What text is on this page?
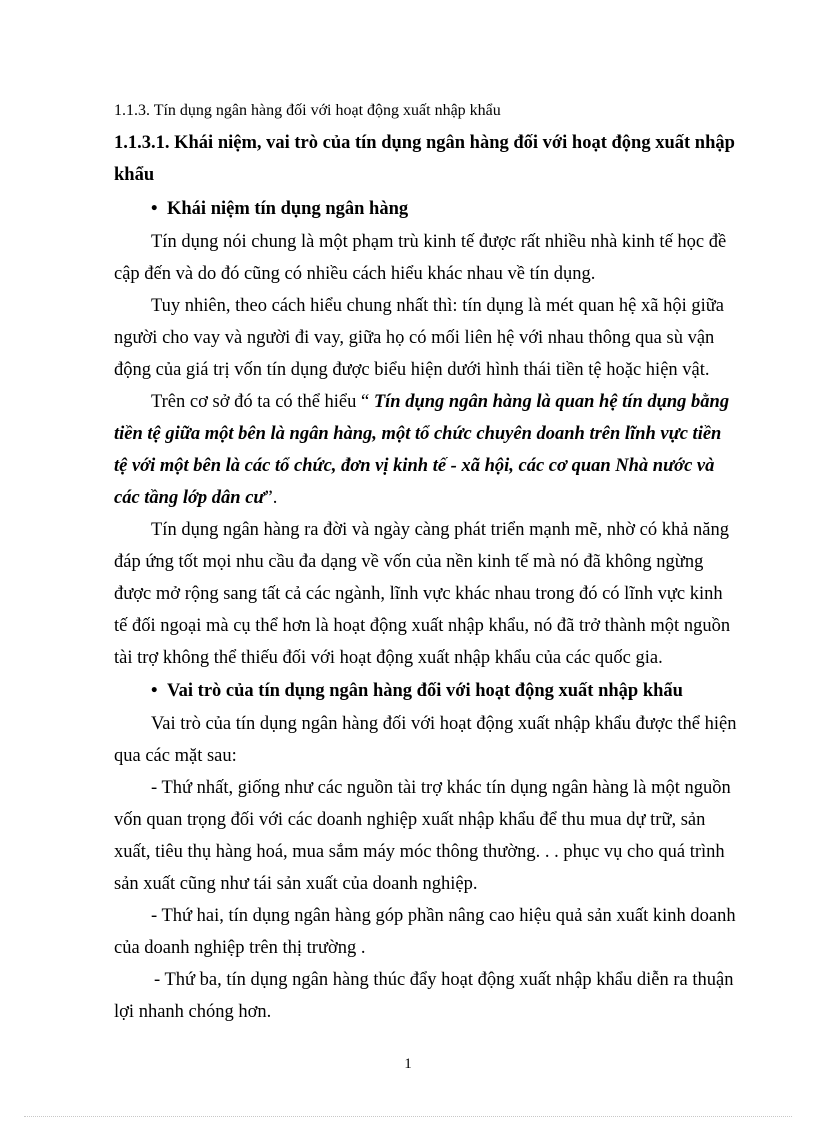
1.1.3. Tín dụng ngân hàng đối với hoạt động xuất nhập khẩu
1.1.3.1. Khái niệm, vai trò của tín dụng ngân hàng đối với hoạt động xuất nhập
khẩu
• Khái niệm tín dụng ngân hàng
Tín dụng nói chung là một phạm trù kinh tế được rất nhiều nhà kinh tế học đề
cập đến và do đó cũng có nhiều cách hiểu khác nhau về tín dụng.
Tuy nhiên, theo cách hiểu chung nhất thì: tín dụng là mét quan hệ xã hội giữa
người cho vay và người đi vay, giữa họ có mối liên hệ với nhau thông qua sù vận
động của giá trị vốn tín dụng được biểu hiện dưới hình thái tiền tệ hoặc hiện vật.
Trên cơ sở đó ta có thể hiểu “ Tín dụng ngân hàng là quan hệ tín dụng bằng
tiền tệ giữa một bên là ngân hàng, một tổ chức chuyên doanh trên lĩnh vực tiền
tệ với một bên là các tổ chức, đơn vị kinh tế - xã hội, các cơ quan Nhà nước và
các tầng lớp dân cư”.
Tín dụng ngân hàng ra đời và ngày càng phát triển mạnh mẽ, nhờ có khả năng
đáp ứng tốt mọi nhu cầu đa dạng về vốn của nền kinh tế mà nó đã không ngừng
được mở rộng sang tất cả các ngành, lĩnh vực khác nhau trong đó có lĩnh vực kinh
tế đối ngoại mà cụ thể hơn là hoạt động xuất nhập khẩu, nó đã trở thành một nguồn
tài trợ không thể thiếu đối với hoạt động xuất nhập khẩu của các quốc gia.
• Vai trò của tín dụng ngân hàng đối với hoạt động xuất nhập khẩu
Vai trò của tín dụng ngân hàng đối với hoạt động xuất nhập khẩu được thể hiện
qua các mặt sau:
- Thứ nhất, giống như các nguồn tài trợ khác tín dụng ngân hàng là một nguồn
vốn quan trọng đối với các doanh nghiệp xuất nhập khẩu để thu mua dự trữ, sản
xuất, tiêu thụ hàng hoá, mua sắm máy móc thông thường. . . phục vụ cho quá trình
sản xuất cũng như tái sản xuất của doanh nghiệp.
- Thứ hai, tín dụng ngân hàng góp phần nâng cao hiệu quả sản xuất kinh doanh
của doanh nghiệp trên thị trường .
- Thứ ba, tín dụng ngân hàng thúc đẩy hoạt động xuất nhập khẩu diễn ra thuận
lợi nhanh chóng hơn.
1
